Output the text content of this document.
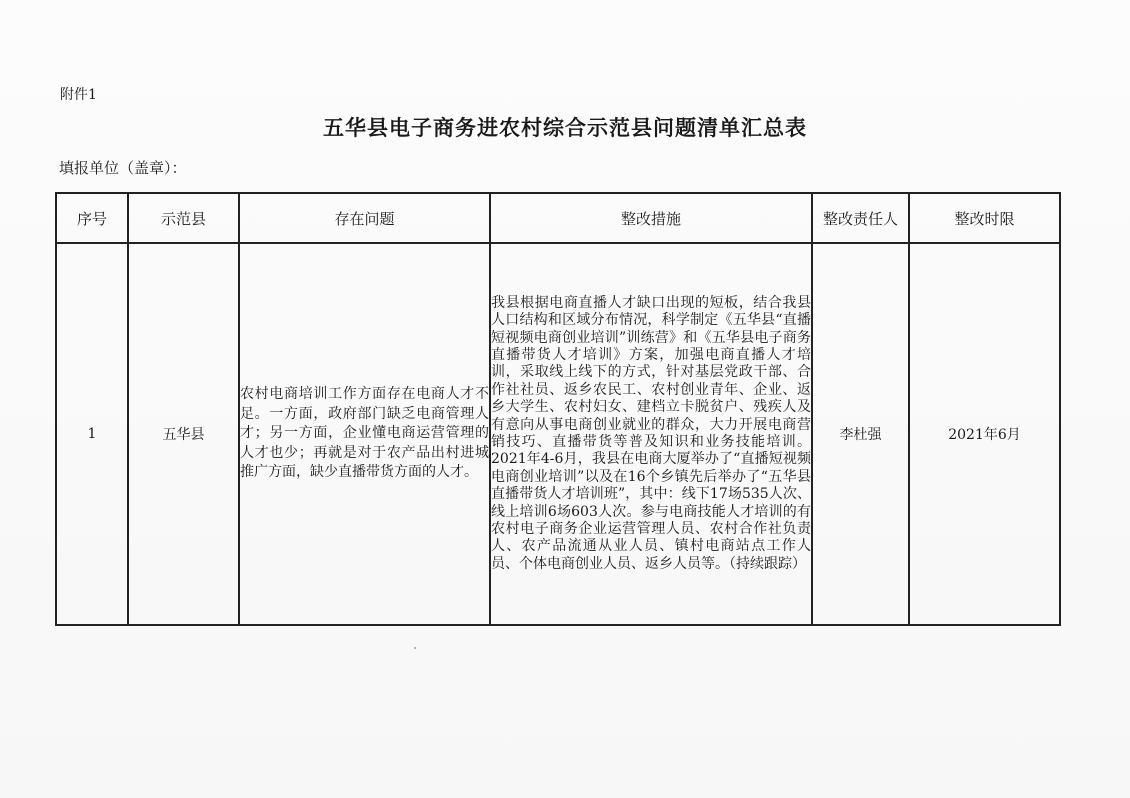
附件1
五华县电子商务进农村综合示范县问题清单汇总表
填报单位（盖章）：
序号	示范县	存在问题	整改措施	整改责任人	整改时限
1	五华县	农村电商培训工作方面存在电商人才不足。一方面，政府部门缺乏电商管理人才；另一方面，企业懂电商运营管理的人才也少；再就是对于农产品出村进城推广方面，缺少直播带货方面的人才。	我县根据电商直播人才缺口出现的短板，结合我县人口结构和区域分布情况，科学制定《五华县“直播短视频电商创业培训”训练营》和《五华县电子商务直播带货人才培训》方案，加强电商直播人才培训，采取线上线下的方式，针对基层党政干部、合作社社员、返乡农民工、农村创业青年、企业、返乡大学生、农村妇女、建档立卡脱贫户、残疾人及有意向从事电商创业就业的群众，大力开展电商营销技巧、直播带货等普及知识和业务技能培训。2021年4-6月，我县在电商大厦举办了“直播短视频电商创业培训”以及在16个乡镇先后举办了“五华县直播带货人才培训班”，其中：线下17场535人次、线上培训6场603人次。参与电商技能人才培训的有农村电子商务企业运营管理人员、农村合作社负责人、农产品流通从业人员、镇村电商站点工作人员、个体电商创业人员、返乡人员等。（持续跟踪）	李杜强	2021年6月
